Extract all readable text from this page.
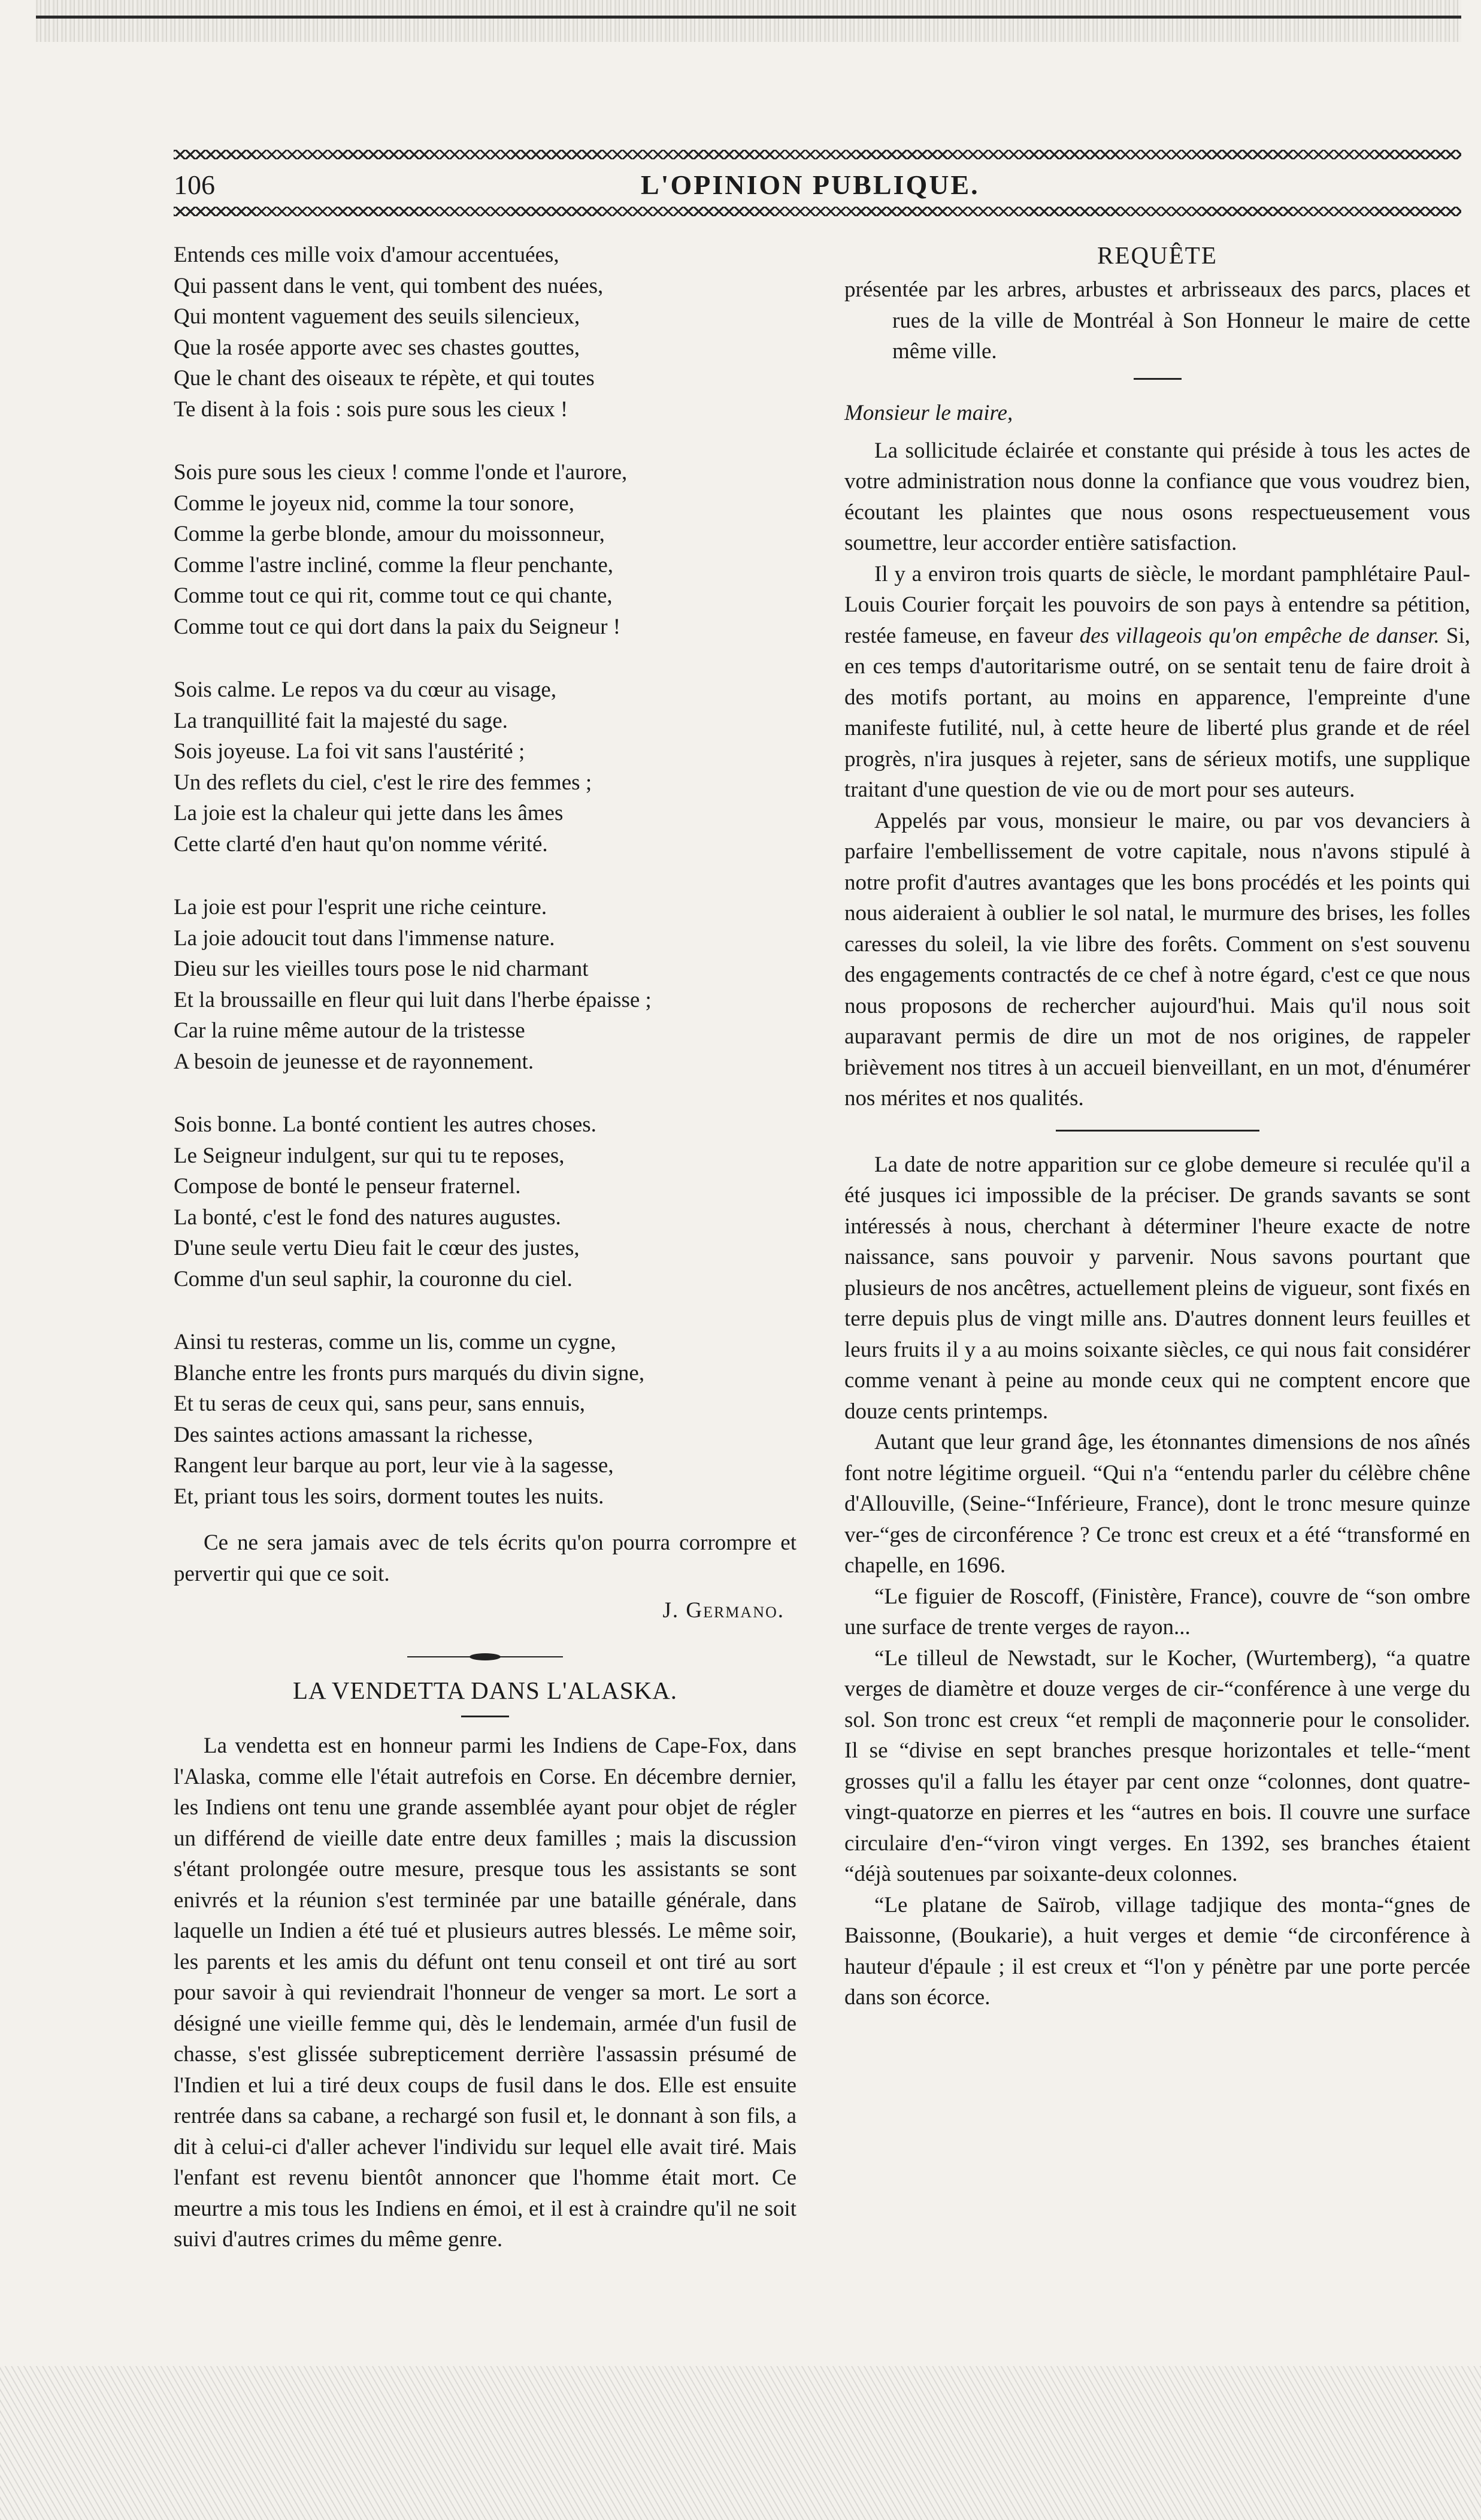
106	L'OPINION PUBLIQUE.
Entends ces mille voix d'amour accentuées,
Qui passent dans le vent, qui tombent des nuées,
Qui montent vaguement des seuils silencieux,
Que la rosée apporte avec ses chastes gouttes,
Que le chant des oiseaux te répète, et qui toutes
Te disent à la fois : sois pure sous les cieux !
Sois pure sous les cieux ! comme l'onde et l'aurore,
Comme le joyeux nid, comme la tour sonore,
Comme la gerbe blonde, amour du moissonneur,
Comme l'astre incliné, comme la fleur penchante,
Comme tout ce qui rit, comme tout ce qui chante,
Comme tout ce qui dort dans la paix du Seigneur !
Sois calme. Le repos va du cœur au visage,
La tranquillité fait la majesté du sage.
Sois joyeuse. La foi vit sans l'austérité ;
Un des reflets du ciel, c'est le rire des femmes ;
La joie est la chaleur qui jette dans les âmes
Cette clarté d'en haut qu'on nomme vérité.
La joie est pour l'esprit une riche ceinture.
La joie adoucit tout dans l'immense nature.
Dieu sur les vieilles tours pose le nid charmant
Et la broussaille en fleur qui luit dans l'herbe épaisse ;
Car la ruine même autour de la tristesse
A besoin de jeunesse et de rayonnement.
Sois bonne. La bonté contient les autres choses.
Le Seigneur indulgent, sur qui tu te reposes,
Compose de bonté le penseur fraternel.
La bonté, c'est le fond des natures augustes.
D'une seule vertu Dieu fait le cœur des justes,
Comme d'un seul saphir, la couronne du ciel.
Ainsi tu resteras, comme un lis, comme un cygne,
Blanche entre les fronts purs marqués du divin signe,
Et tu seras de ceux qui, sans peur, sans ennuis,
Des saintes actions amassant la richesse,
Rangent leur barque au port, leur vie à la sagesse,
Et, priant tous les soirs, dorment toutes les nuits.

Ce ne sera jamais avec de tels écrits qu'on pourra corrompre et pervertir qui que ce soit.

J. Germano.
LA VENDETTA DANS L'ALASKA.

La vendetta est en honneur parmi les Indiens de Cape-Fox, dans l'Alaska, comme elle l'était autrefois en Corse. En décembre dernier, les Indiens ont tenu une grande assemblée ayant pour objet de régler un différend de vieille date entre deux familles ; mais la discussion s'étant prolongée outre mesure, presque tous les assistants se sont enivrés et la réunion s'est terminée par une bataille générale, dans laquelle un Indien a été tué et plusieurs autres blessés. Le même soir, les parents et les amis du défunt ont tenu conseil et ont tiré au sort pour savoir à qui reviendrait l'honneur de venger sa mort. Le sort a désigné une vieille femme qui, dès le lendemain, armée d'un fusil de chasse, s'est glissée subrepticement derrière l'assassin présumé de l'Indien et lui a tiré deux coups de fusil dans le dos. Elle est ensuite rentrée dans sa cabane, a rechargé son fusil et, le donnant à son fils, a dit à celui-ci d'aller achever l'individu sur lequel elle avait tiré. Mais l'enfant est revenu bientôt annoncer que l'homme était mort. Ce meurtre a mis tous les Indiens en émoi, et il est à craindre qu'il ne soit suivi d'autres crimes du même genre.

REQUÊTE

présentée par les arbres, arbustes et arbrisseaux des parcs, places et rues de la ville de Montréal à Son Honneur le maire de cette même ville.

Monsieur le maire,

La sollicitude éclairée et constante qui préside à tous les actes de votre administration nous donne la confiance que vous voudrez bien, écoutant les plaintes que nous osons respectueusement vous soumettre, leur accorder entière satisfaction.

Il y a environ trois quarts de siècle, le mordant pamphlétaire Paul-Louis Courier forçait les pouvoirs de son pays à entendre sa pétition, restée fameuse, en faveur des villageois qu'on empêche de danser. Si, en ces temps d'autoritarisme outré, on se sentait tenu de faire droit à des motifs portant, au moins en apparence, l'empreinte d'une manifeste futilité, nul, à cette heure de liberté plus grande et de réel progrès, n'ira jusques à rejeter, sans de sérieux motifs, une supplique traitant d'une question de vie ou de mort pour ses auteurs.

Appelés par vous, monsieur le maire, ou par vos devanciers à parfaire l'embellissement de votre capitale, nous n'avons stipulé à notre profit d'autres avantages que les bons procédés et les points qui nous aideraient à oublier le sol natal, le murmure des brises, les folles caresses du soleil, la vie libre des forêts. Comment on s'est souvenu des engagements contractés de ce chef à notre égard, c'est ce que nous nous proposons de rechercher aujourd'hui. Mais qu'il nous soit auparavant permis de dire un mot de nos origines, de rappeler brièvement nos titres à un accueil bienveillant, en un mot, d'énumérer nos mérites et nos qualités.

La date de notre apparition sur ce globe demeure si reculée qu'il a été jusques ici impossible de la préciser. De grands savants se sont intéressés à nous, cherchant à déterminer l'heure exacte de notre naissance, sans pouvoir y parvenir. Nous savons pourtant que plusieurs de nos ancêtres, actuellement pleins de vigueur, sont fixés en terre depuis plus de vingt mille ans. D'autres donnent leurs feuilles et leurs fruits il y a au moins soixante siècles, ce qui nous fait considérer comme venant à peine au monde ceux qui ne comptent encore que douze cents printemps.

Autant que leur grand âge, les étonnantes dimensions de nos aînés font notre légitime orgueil. “Qui n'a “entendu parler du célèbre chêne d'Allouville, (Seine-“Inférieure, France), dont le tronc mesure quinze ver-“ges de circonférence ? Ce tronc est creux et a été “transformé en chapelle, en 1696.

“Le figuier de Roscoff, (Finistère, France), couvre de “son ombre une surface de trente verges de rayon...

“Le tilleul de Newstadt, sur le Kocher, (Wurtemberg), “a quatre verges de diamètre et douze verges de cir-“conférence à une verge du sol. Son tronc est creux “et rempli de maçonnerie pour le consolider. Il se “divise en sept branches presque horizontales et telle-“ment grosses qu'il a fallu les étayer par cent onze “colonnes, dont quatre-vingt-quatorze en pierres et les “autres en bois. Il couvre une surface circulaire d'en-“viron vingt verges. En 1392, ses branches étaient “déjà soutenues par soixante-deux colonnes.

“Le platane de Saïrob, village tadjique des monta-“gnes de Baissonne, (Boukarie), a huit verges et demie “de circonférence à hauteur d'épaule ; il est creux et “l'on y pénètre par une porte percée dans son écorce.
